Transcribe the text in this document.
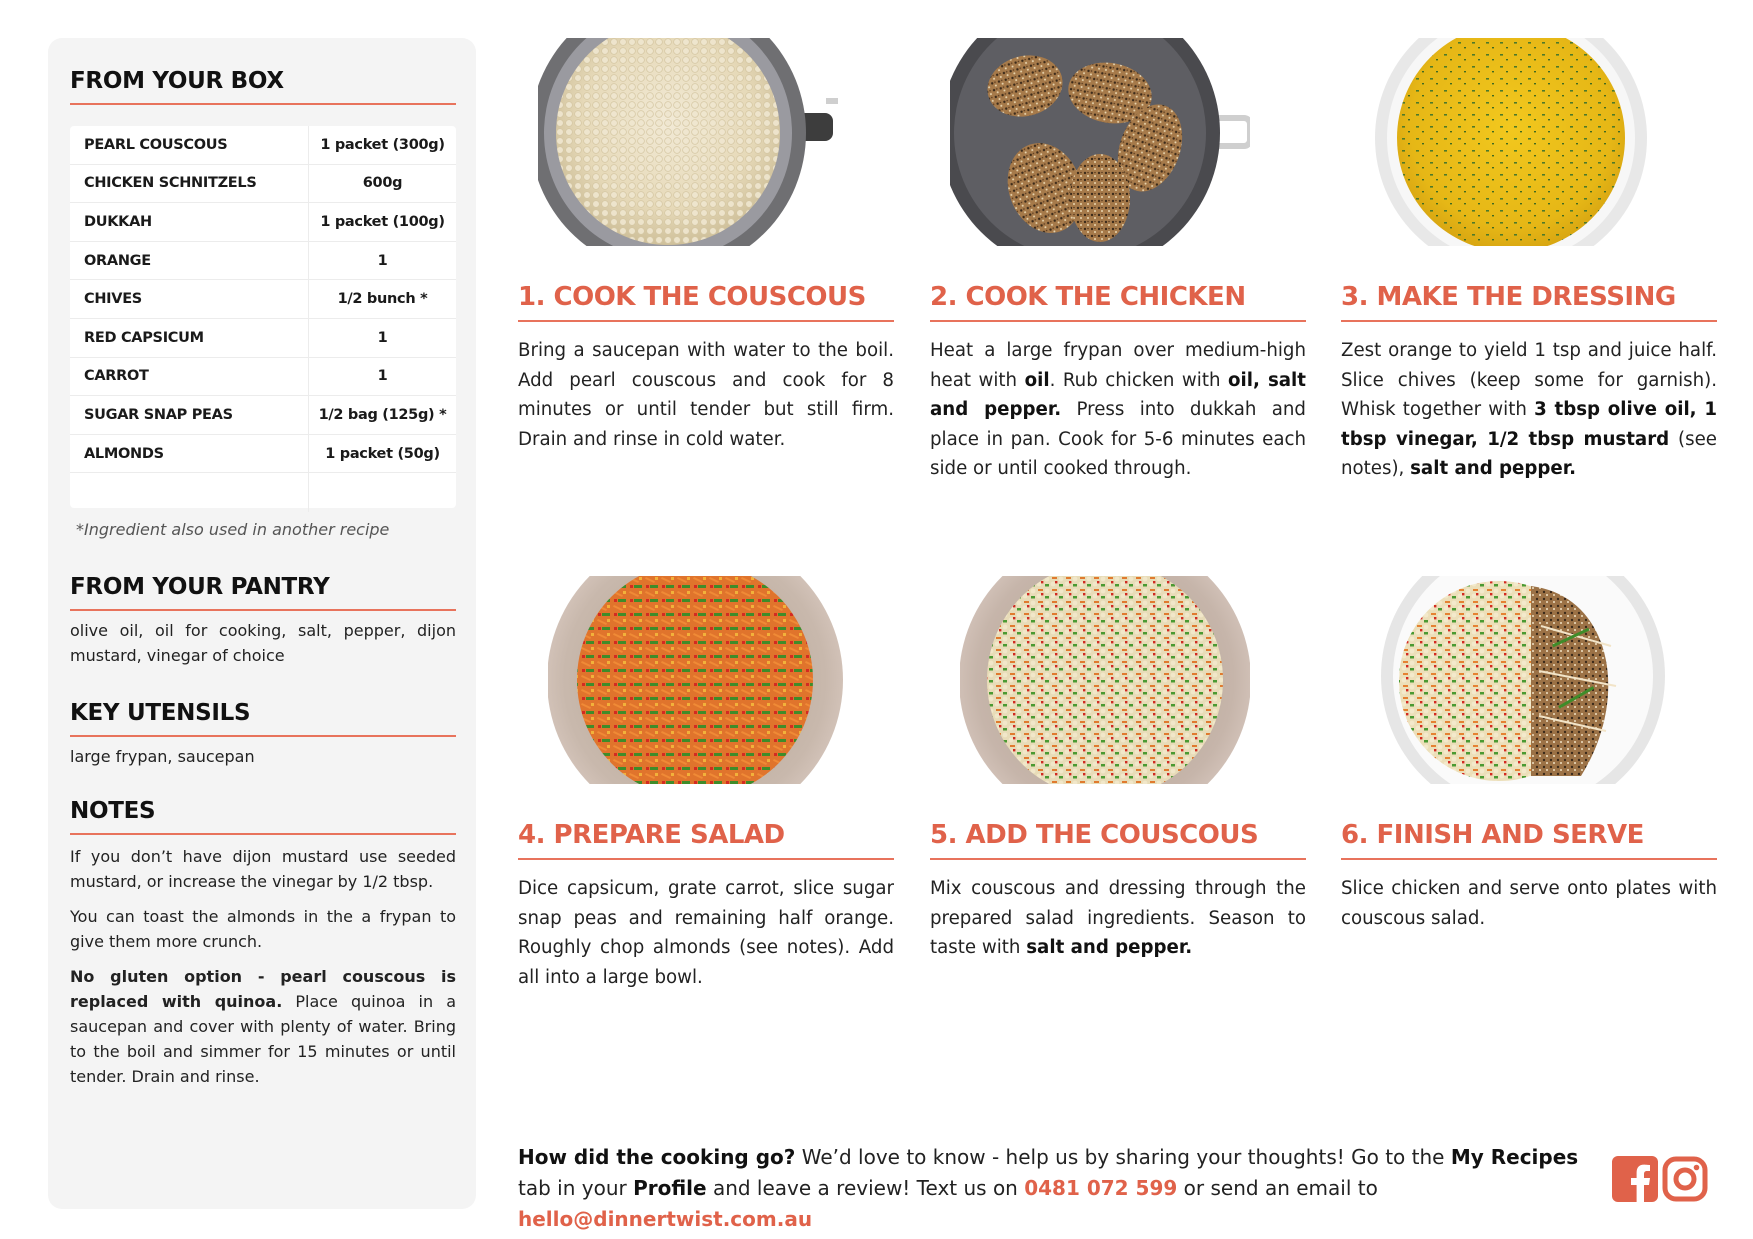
FROM YOUR BOX
PEARL COUSCOUS	1 packet (300g)
CHICKEN SCHNITZELS	600g
DUKKAH	1 packet (100g)
ORANGE	1
CHIVES	1/2 bunch *
RED CAPSICUM	1
CARROT	1
SUGAR SNAP PEAS	1/2 bag (125g) *
ALMONDS	1 packet (50g)
*Ingredient also used in another recipe
FROM YOUR PANTRY
olive oil, oil for cooking, salt, pepper, dijon mustard, vinegar of choice
KEY UTENSILS
large frypan, saucepan
NOTES

If you don’t have dijon mustard use seeded mustard, or increase the vinegar by 1/2 tbsp.

You can toast the almonds in the a frypan to give them more crunch.

No gluten option - pearl couscous is replaced with quinoa. Place quinoa in a saucepan and cover with plenty of water. Bring to the boil and simmer for 15 minutes or until tender. Drain and rinse.

1. COOK THE COUSCOUS
Bring a saucepan with water to the boil. Add pearl couscous and cook for 8 minutes or until tender but still firm. Drain and rinse in cold water.
2. COOK THE CHICKEN
Heat a large frypan over medium-high heat with oil. Rub chicken with oil, salt and pepper. Press into dukkah and place in pan. Cook for 5-6 minutes each side or until cooked through.
3. MAKE THE DRESSING
Zest orange to yield 1 tsp and juice half. Slice chives (keep some for garnish). Whisk together with 3 tbsp olive oil, 1 tbsp vinegar, 1/2 tbsp mustard (see notes), salt and pepper.
4. PREPARE SALAD
Dice capsicum, grate carrot, slice sugar snap peas and remaining half orange. Roughly chop almonds (see notes). Add all into a large bowl.
5. ADD THE COUSCOUS
Mix couscous and dressing through the prepared salad ingredients. Season to taste with salt and pepper.
6. FINISH AND SERVE
Slice chicken and serve onto plates with couscous salad.
How did the cooking go? We’d love to know - help us by sharing your thoughts! Go to the My Recipes tab in your Profile and leave a review! Text us on 0481 072 599 or send an email to hello@dinnertwist.com.au
